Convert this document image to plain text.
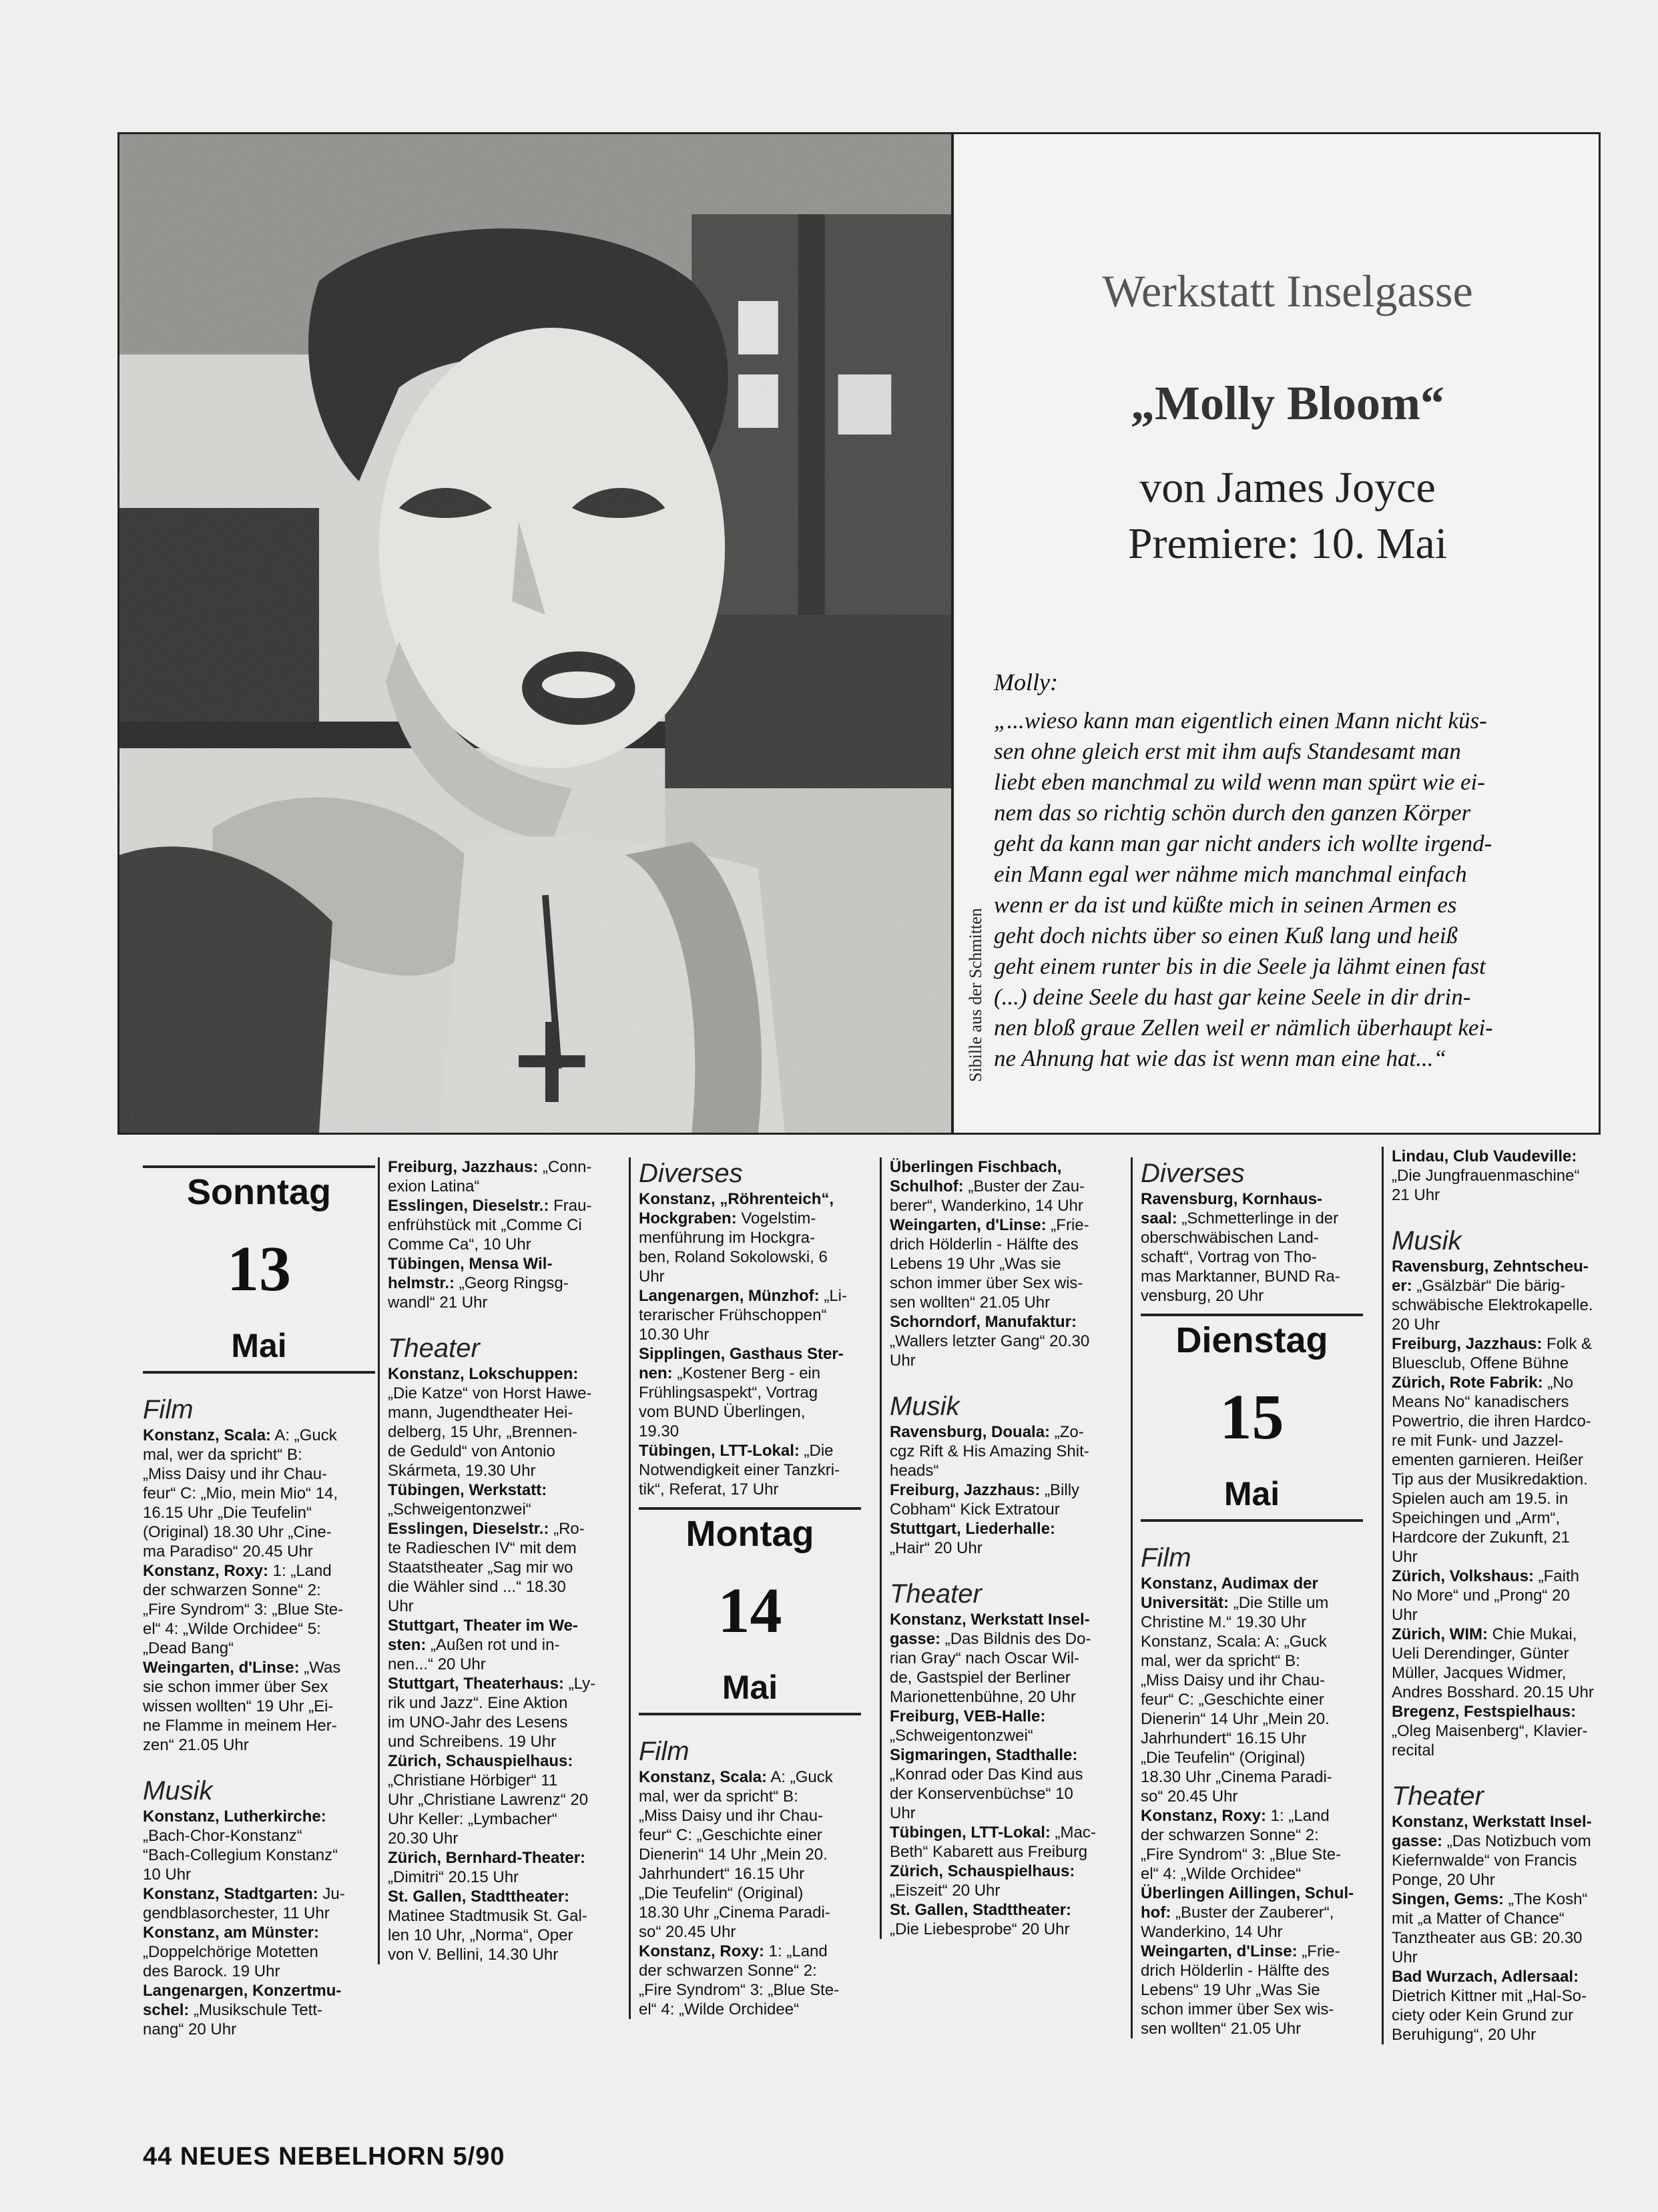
Sibille aus der Schmitten
Werkstatt Inselgasse
„Molly Bloom“
von James Joyce
Premiere: 10. Mai
Molly:
„...wieso kann man eigentlich einen Mann nicht küs-
sen ohne gleich erst mit ihm aufs Standesamt man
liebt eben manchmal zu wild wenn man spürt wie ei-
nem das so richtig schön durch den ganzen Körper
geht da kann man gar nicht anders ich wollte irgend-
ein Mann egal wer nähme mich manchmal einfach
wenn er da ist und küßte mich in seinen Armen es
geht doch nichts über so einen Kuß lang und heiß
geht einem runter bis in die Seele ja lähmt einen fast
(...) deine Seele du hast gar keine Seele in dir drin-
nen bloß graue Zellen weil er nämlich überhaupt kei-
ne Ahnung hat wie das ist wenn man eine hat...“
Sonntag
13
Mai
Film
Konstanz, Scala: A: „Guck
mal, wer da spricht“ B:
„Miss Daisy und ihr Chau-
feur“ C: „Mio, mein Mio“ 14,
16.15 Uhr „Die Teufelin“
(Original) 18.30 Uhr „Cine-
ma Paradiso“ 20.45 Uhr
Konstanz, Roxy: 1: „Land
der schwarzen Sonne“ 2:
„Fire Syndrom“ 3: „Blue Ste-
el“ 4: „Wilde Orchidee“ 5:
„Dead Bang“
Weingarten, d'Linse: „Was
sie schon immer über Sex
wissen wollten“ 19 Uhr „Ei-
ne Flamme in meinem Her-
zen“ 21.05 Uhr
Musik
Konstanz, Lutherkirche:
„Bach-Chor-Konstanz“
“Bach-Collegium Konstanz“
10 Uhr
Konstanz, Stadtgarten: Ju-
gendblasorchester, 11 Uhr
Konstanz, am Münster:
„Doppelchörige Motetten
des Barock. 19 Uhr
Langenargen, Konzertmu-
schel: „Musikschule Tett-
nang“ 20 Uhr
Freiburg, Jazzhaus: „Conn-
exion Latina“
Esslingen, Dieselstr.: Frau-
enfrühstück mit „Comme Ci
Comme Ca“, 10 Uhr
Tübingen, Mensa Wil-
helmstr.: „Georg Ringsg-
wandl“ 21 Uhr
Theater
Konstanz, Lokschuppen:
„Die Katze“ von Horst Hawe-
mann, Jugendtheater Hei-
delberg, 15 Uhr, „Brennen-
de Geduld“ von Antonio
Skármeta, 19.30 Uhr
Tübingen, Werkstatt:
„Schweigentonzwei“
Esslingen, Dieselstr.: „Ro-
te Radieschen IV“ mit dem
Staatstheater „Sag mir wo
die Wähler sind ...“ 18.30
Uhr
Stuttgart, Theater im We-
sten: „Außen rot und in-
nen...“ 20 Uhr
Stuttgart, Theaterhaus: „Ly-
rik und Jazz“. Eine Aktion
im UNO-Jahr des Lesens
und Schreibens. 19 Uhr
Zürich, Schauspielhaus:
„Christiane Hörbiger“ 11
Uhr „Christiane Lawrenz“ 20
Uhr Keller: „Lymbacher“
20.30 Uhr
Zürich, Bernhard-Theater:
„Dimitri“ 20.15 Uhr
St. Gallen, Stadttheater:
Matinee Stadtmusik St. Gal-
len 10 Uhr, „Norma“, Oper
von V. Bellini, 14.30 Uhr
Diverses
Konstanz, „Röhrenteich“,
Hockgraben: Vogelstim-
menführung im Hockgra-
ben, Roland Sokolowski, 6
Uhr
Langenargen, Münzhof: „Li-
terarischer Frühschoppen“
10.30 Uhr
Sipplingen, Gasthaus Ster-
nen: „Kostener Berg - ein
Frühlingsaspekt“, Vortrag
vom BUND Überlingen,
19.30
Tübingen, LTT-Lokal: „Die
Notwendigkeit einer Tanzkri-
tik“, Referat, 17 Uhr
Montag
14
Mai
Film
Konstanz, Scala: A: „Guck
mal, wer da spricht“ B:
„Miss Daisy und ihr Chau-
feur“ C: „Geschichte einer
Dienerin“ 14 Uhr „Mein 20.
Jahrhundert“ 16.15 Uhr
„Die Teufelin“ (Original)
18.30 Uhr „Cinema Paradi-
so“ 20.45 Uhr
Konstanz, Roxy: 1: „Land
der schwarzen Sonne“ 2:
„Fire Syndrom“ 3: „Blue Ste-
el“ 4: „Wilde Orchidee“
Überlingen Fischbach,
Schulhof: „Buster der Zau-
berer“, Wanderkino, 14 Uhr
Weingarten, d'Linse: „Frie-
drich Hölderlin - Hälfte des
Lebens 19 Uhr „Was sie
schon immer über Sex wis-
sen wollten“ 21.05 Uhr
Schorndorf, Manufaktur:
„Wallers letzter Gang“ 20.30
Uhr
Musik
Ravensburg, Douala: „Zo-
cgz Rift & His Amazing Shit-
heads“
Freiburg, Jazzhaus: „Billy
Cobham“ Kick Extratour
Stuttgart, Liederhalle:
„Hair“ 20 Uhr
Theater
Konstanz, Werkstatt Insel-
gasse: „Das Bildnis des Do-
rian Gray“ nach Oscar Wil-
de, Gastspiel der Berliner
Marionettenbühne, 20 Uhr
Freiburg, VEB-Halle:
„Schweigentonzwei“
Sigmaringen, Stadthalle:
„Konrad oder Das Kind aus
der Konservenbüchse“ 10
Uhr
Tübingen, LTT-Lokal: „Mac-
Beth“ Kabarett aus Freiburg
Zürich, Schauspielhaus:
„Eiszeit“ 20 Uhr
St. Gallen, Stadttheater:
„Die Liebesprobe“ 20 Uhr
Diverses
Ravensburg, Kornhaus-
saal: „Schmetterlinge in der
oberschwäbischen Land-
schaft“, Vortrag von Tho-
mas Marktanner, BUND Ra-
vensburg, 20 Uhr
Dienstag
15
Mai
Film
Konstanz, Audimax der
Universität: „Die Stille um
Christine M.“ 19.30 Uhr
Konstanz, Scala: A: „Guck
mal, wer da spricht“ B:
„Miss Daisy und ihr Chau-
feur“ C: „Geschichte einer
Dienerin“ 14 Uhr „Mein 20.
Jahrhundert“ 16.15 Uhr
„Die Teufelin“ (Original)
18.30 Uhr „Cinema Paradi-
so“ 20.45 Uhr
Konstanz, Roxy: 1: „Land
der schwarzen Sonne“ 2:
„Fire Syndrom“ 3: „Blue Ste-
el“ 4: „Wilde Orchidee“
Überlingen Aillingen, Schul-
hof: „Buster der Zauberer“,
Wanderkino, 14 Uhr
Weingarten, d'Linse: „Frie-
drich Hölderlin - Hälfte des
Lebens“ 19 Uhr „Was Sie
schon immer über Sex wis-
sen wollten“ 21.05 Uhr
Lindau, Club Vaudeville:
„Die Jungfrauenmaschine“
21 Uhr
Musik
Ravensburg, Zehntscheu-
er: „Gsälzbär“ Die bärig-
schwäbische Elektrokapelle.
20 Uhr
Freiburg, Jazzhaus: Folk &
Bluesclub, Offene Bühne
Zürich, Rote Fabrik: „No
Means No“ kanadischers
Powertrio, die ihren Hardco-
re mit Funk- und Jazzel-
ementen garnieren. Heißer
Tip aus der Musikredaktion.
Spielen auch am 19.5. in
Speichingen und „Arm“,
Hardcore der Zukunft, 21
Uhr
Zürich, Volkshaus: „Faith
No More“ und „Prong“ 20
Uhr
Zürich, WIM: Chie Mukai,
Ueli Derendinger, Günter
Müller, Jacques Widmer,
Andres Bosshard. 20.15 Uhr
Bregenz, Festspielhaus:
„Oleg Maisenberg“, Klavier-
recital
Theater
Konstanz, Werkstatt Insel-
gasse: „Das Notizbuch vom
Kiefernwalde“ von Francis
Ponge, 20 Uhr
Singen, Gems: „The Kosh“
mit „a Matter of Chance“
Tanztheater aus GB: 20.30
Uhr
Bad Wurzach, Adlersaal:
Dietrich Kittner mit „Hal-So-
ciety oder Kein Grund zur
Beruhigung“, 20 Uhr
44 NEUES NEBELHORN 5/90
